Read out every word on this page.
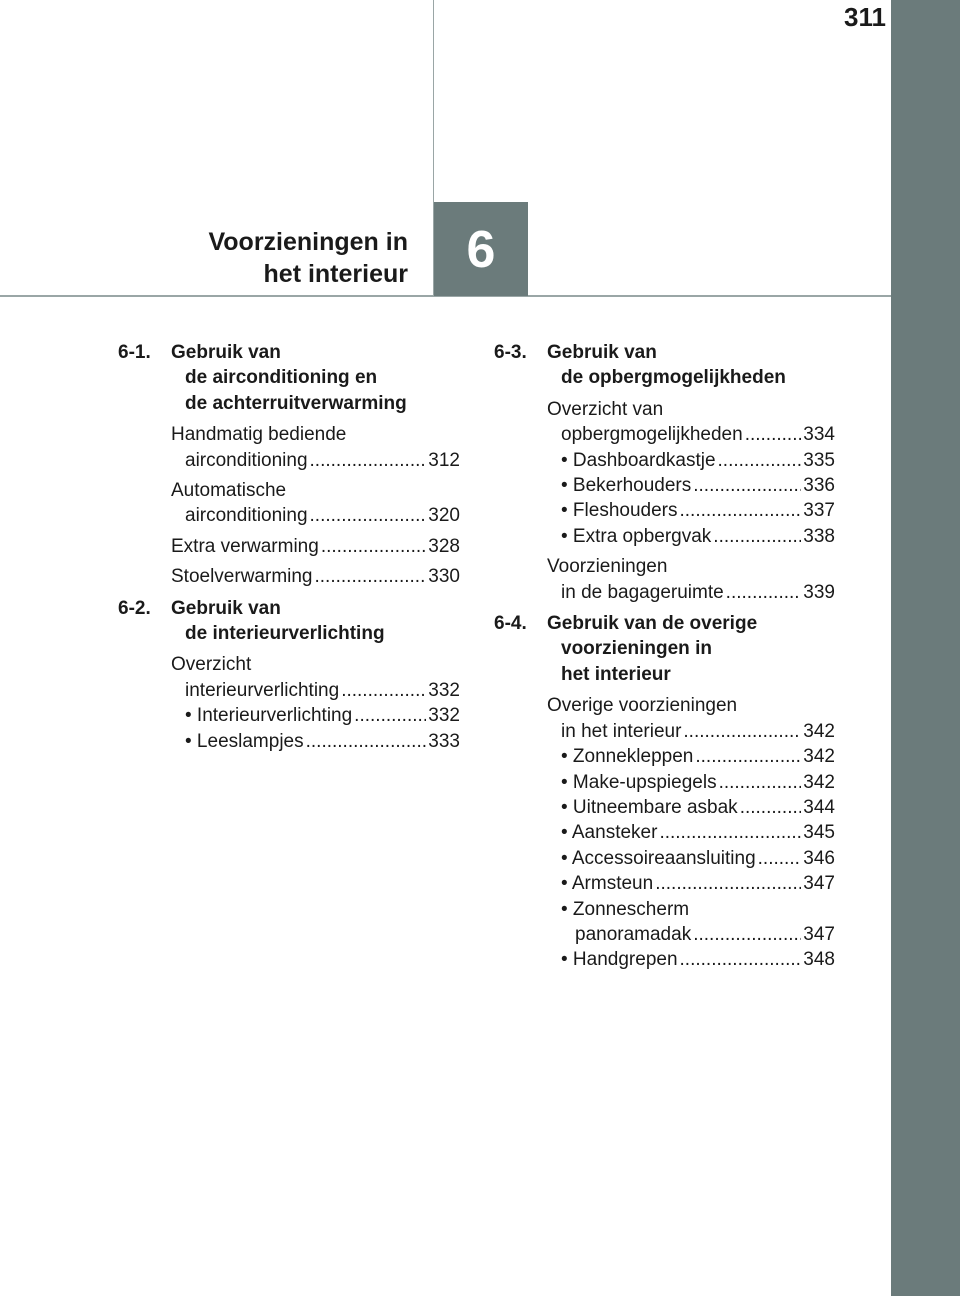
311
Voorzieningen in
het interieur	6
6-1.	Gebruik van
de airconditioning en
de achterruitverwarming
Handmatig bediende
airconditioning .....	312
Automatische
airconditioning .....	320
Extra verwarming .....	328
Stoelverwarming .....	330
6-2.	Gebruik van
de interieurverlichting
Overzicht
interieurverlichting .....	332
• Interieurverlichting .....	332
• Leeslampjes .....	333
6-3.	Gebruik van
de opbergmogelijkheden
Overzicht van
opbergmogelijkheden .....	334
• Dashboardkastje .....	335
• Bekerhouders .....	336
• Fleshouders .....	337
• Extra opbergvak .....	338
Voorzieningen
in de bagageruimte .....	339
6-4.	Gebruik van de overige
voorzieningen in
het interieur
Overige voorzieningen
in het interieur .....	342
• Zonnekleppen .....	342
• Make-upspiegels .....	342
• Uitneembare asbak .....	344
• Aansteker .....	345
• Accessoireaansluiting .....	346
• Armsteun .....	347
• Zonnescherm
panoramadak .....	347
• Handgrepen .....	348
